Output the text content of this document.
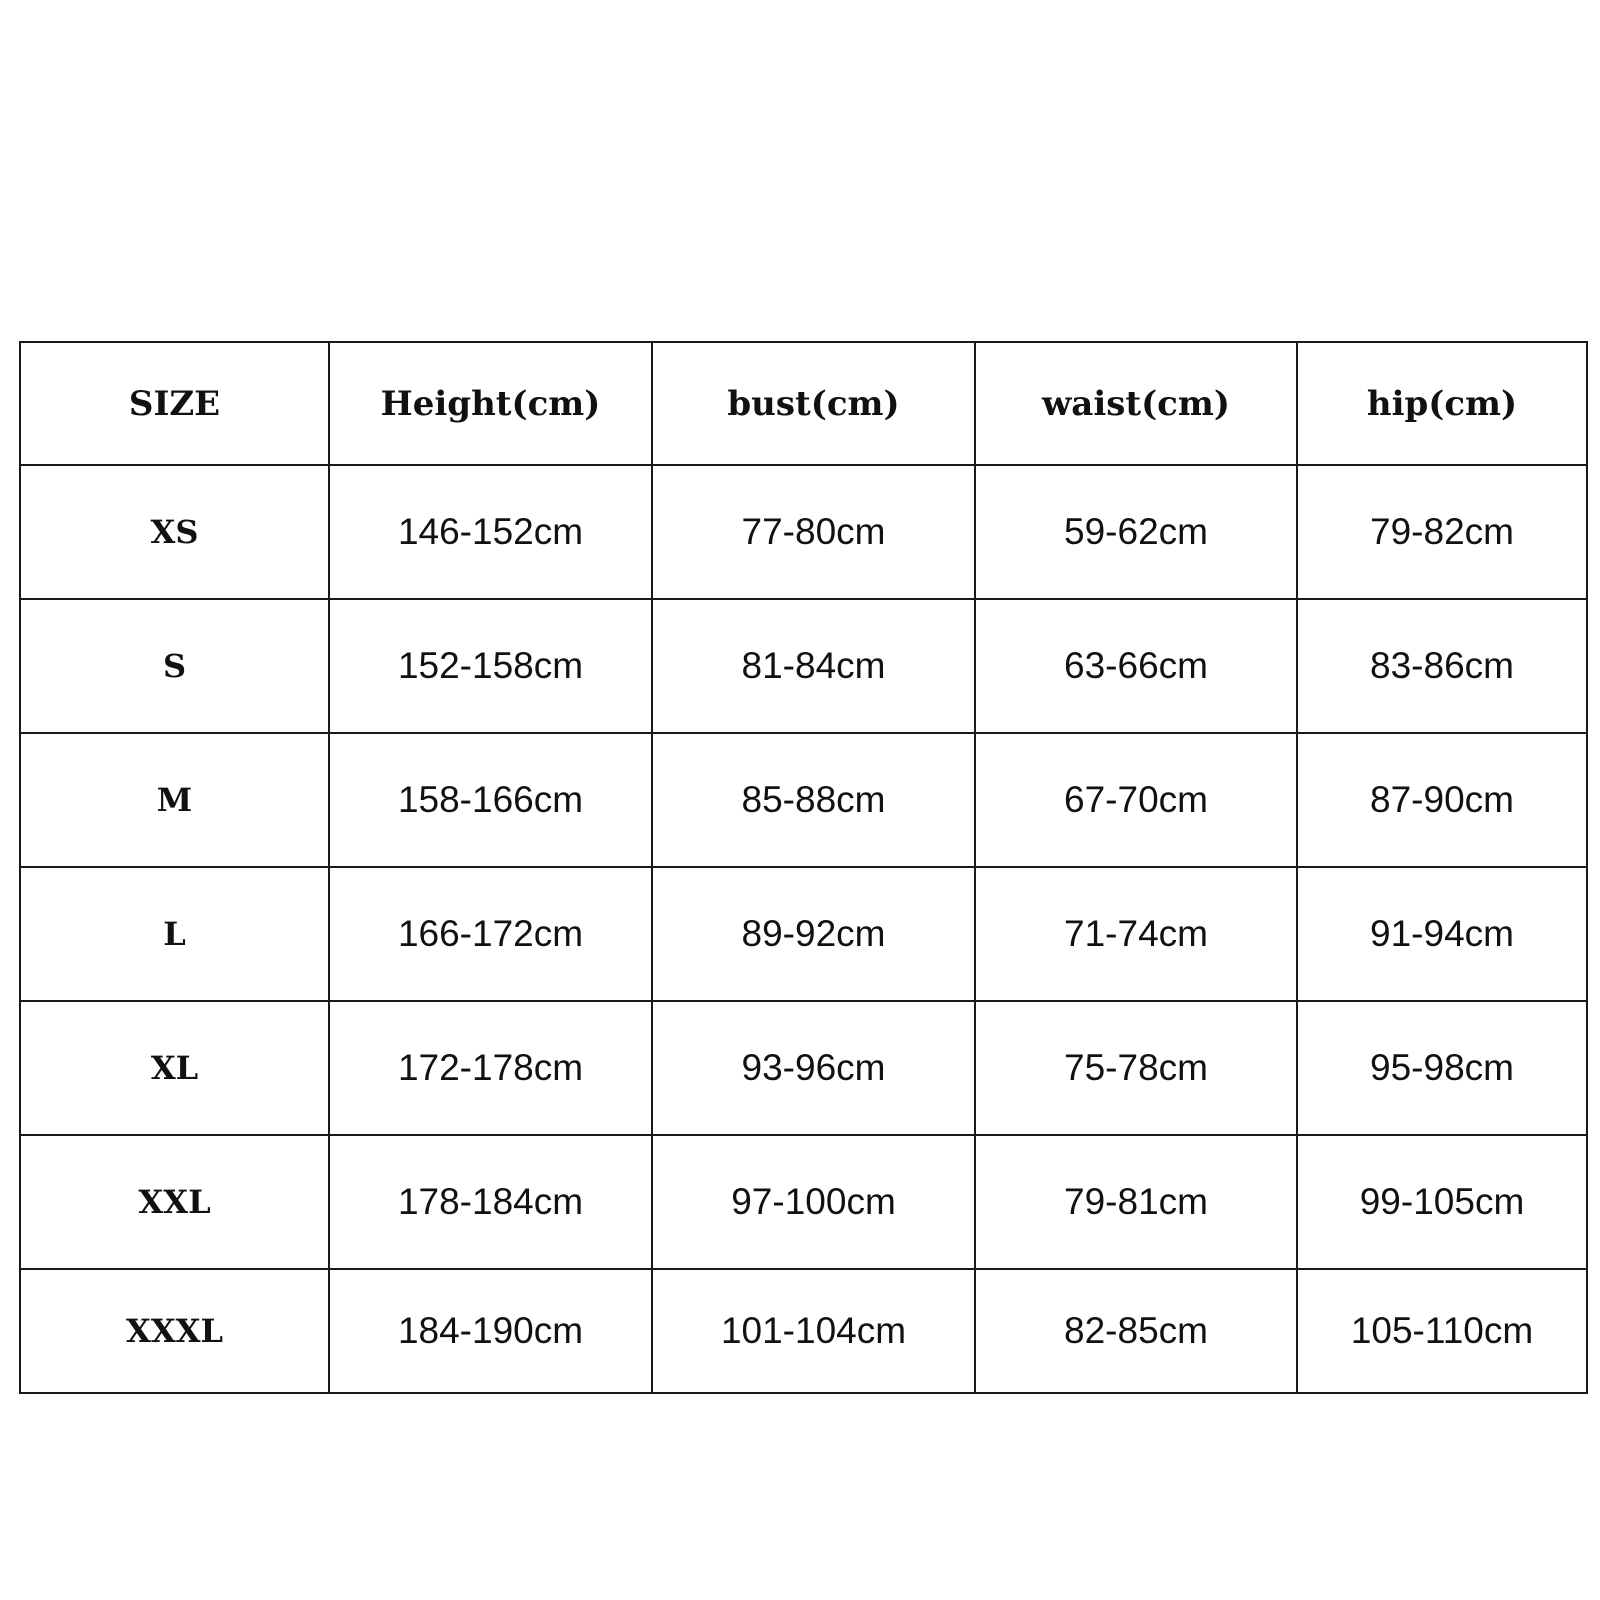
SIZE	Height(cm)	bust(cm)	waist(cm)	hip(cm)
XS	146-152cm	77-80cm	59-62cm	79-82cm
S	152-158cm	81-84cm	63-66cm	83-86cm
M	158-166cm	85-88cm	67-70cm	87-90cm
L	166-172cm	89-92cm	71-74cm	91-94cm
XL	172-178cm	93-96cm	75-78cm	95-98cm
XXL	178-184cm	97-100cm	79-81cm	99-105cm
XXXL	184-190cm	101-104cm	82-85cm	105-110cm
